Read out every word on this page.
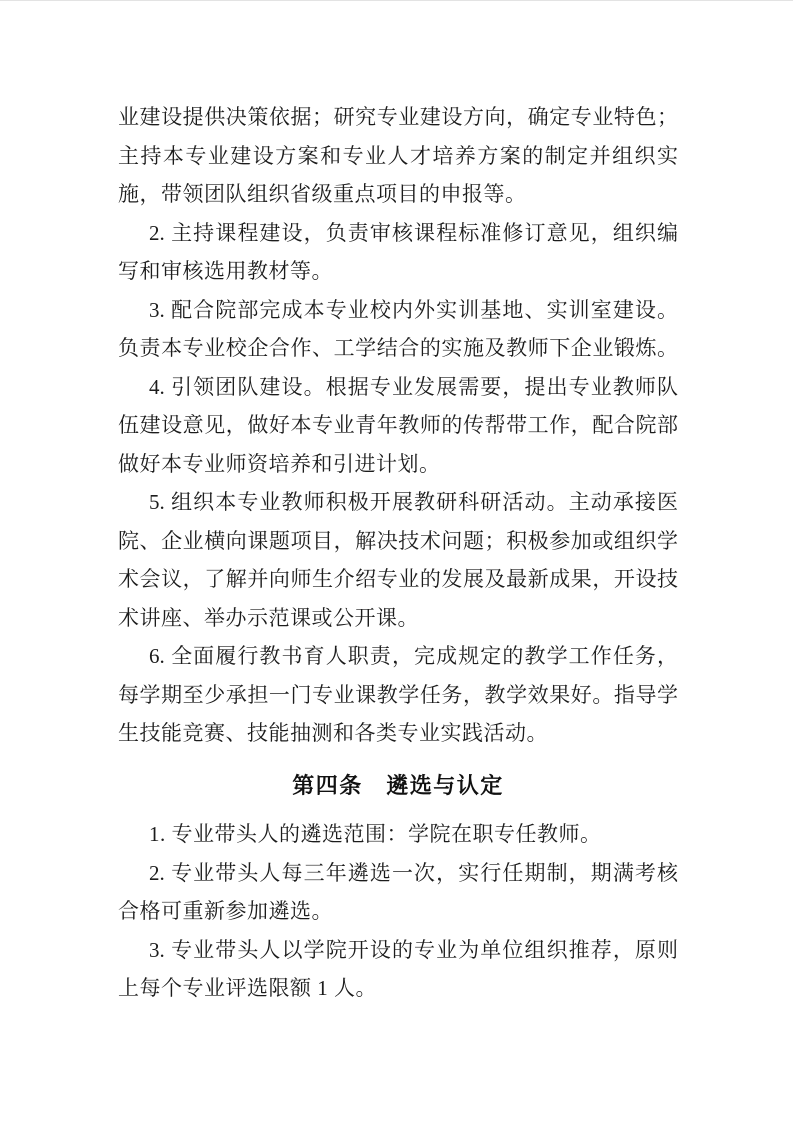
业建设提供决策依据；研究专业建设方向，确定专业特色；
主持本专业建设方案和专业人才培养方案的制定并组织实
施，带领团队组织省级重点项目的申报等。
2. 主持课程建设，负责审核课程标准修订意见，组织编
写和审核选用教材等。
3. 配合院部完成本专业校内外实训基地、实训室建设。
负责本专业校企合作、工学结合的实施及教师下企业锻炼。
4. 引领团队建设。根据专业发展需要，提出专业教师队
伍建设意见，做好本专业青年教师的传帮带工作，配合院部
做好本专业师资培养和引进计划。
5. 组织本专业教师积极开展教研科研活动。主动承接医
院、企业横向课题项目，解决技术问题；积极参加或组织学
术会议，了解并向师生介绍专业的发展及最新成果，开设技
术讲座、举办示范课或公开课。
6. 全面履行教书育人职责，完成规定的教学工作任务，
每学期至少承担一门专业课教学任务，教学效果好。指导学
生技能竞赛、技能抽测和各类专业实践活动。
第四条　遴选与认定
1. 专业带头人的遴选范围：学院在职专任教师。
2. 专业带头人每三年遴选一次，实行任期制，期满考核
合格可重新参加遴选。
3. 专业带头人以学院开设的专业为单位组织推荐，原则
上每个专业评选限额 1 人。
